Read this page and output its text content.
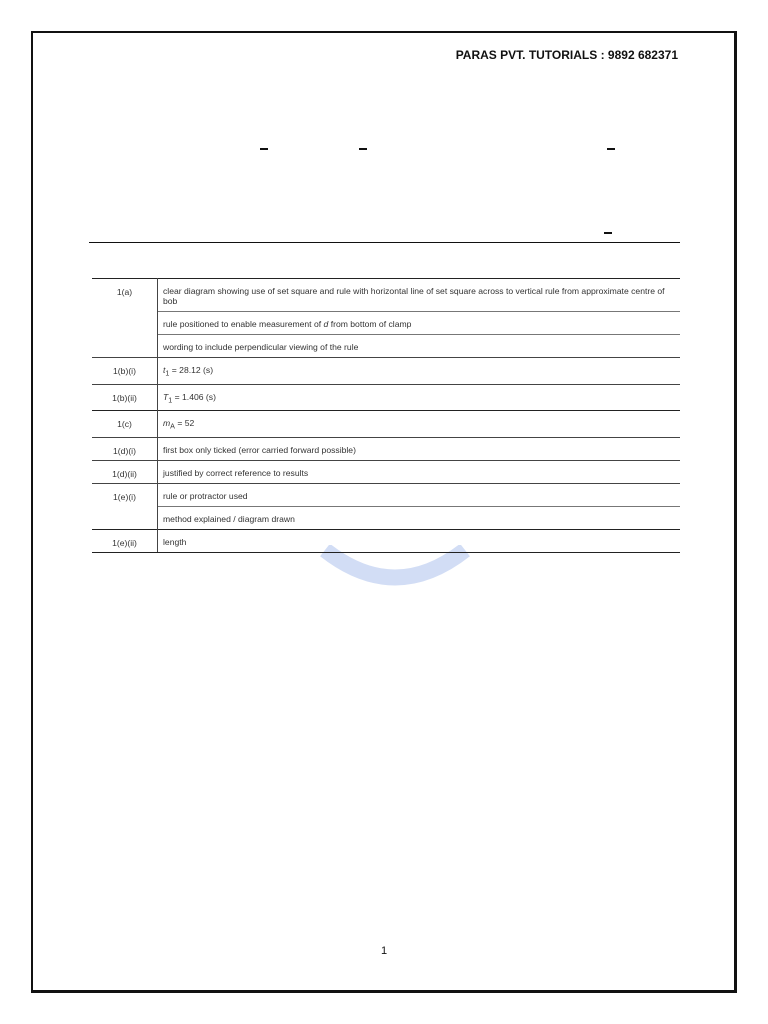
PARAS PVT. TUTORIALS : 9892 682371
1(a)	clear diagram showing use of set square and rule with horizontal line of set square across to vertical rule from approximate centre of bob
	rule positioned to enable measurement of d from bottom of clamp
	wording to include perpendicular viewing of the rule
1(b)(i)	$t_1 = 28.12$ (s)
1(b)(ii)	$T_1 = 1.406$ (s)
1(c)	$m_A = 52$
1(d)(i)	first box only ticked (error carried forward possible)
1(d)(ii)	justified by correct reference to results
1(e)(i)	rule or protractor used
	method explained / diagram drawn
1(e)(ii)	length
1
